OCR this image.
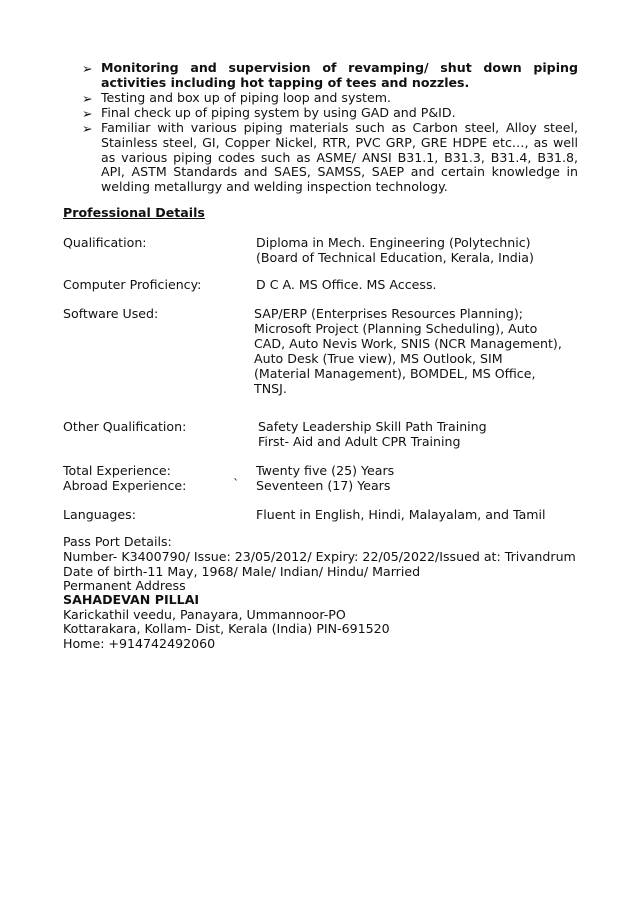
➢ Monitoring and supervision of revamping/ shut down piping activities including hot tapping of tees and nozzles.
➢ Testing and box up of piping loop and system.
➢ Final check up of piping system by using GAD and P&ID.
➢ Familiar with various piping materials such as Carbon steel, Alloy steel, Stainless steel, GI, Copper Nickel, RTR, PVC GRP, GRE HDPE etc…, as well as various piping codes such as ASME/ ANSI B31.1, B31.3, B31.4, B31.8, API, ASTM Standards and SAES, SAMSS, SAEP and certain knowledge in welding metallurgy and welding inspection technology.
Professional Details
Qualification:	Diploma in Mech. Engineering (Polytechnic)
(Board of Technical Education, Kerala, India)
Computer Proficiency:	D C A. MS Office. MS Access.
Software Used:	SAP/ERP (Enterprises Resources Planning);
Microsoft Project (Planning Scheduling), Auto
CAD, Auto Nevis Work, SNIS (NCR Management),
Auto Desk (True view), MS Outlook, SIM
(Material Management), BOMDEL, MS Office,
TNSJ.
Other Qualification:	Safety Leadership Skill Path Training
First- Aid and Adult CPR Training
Total Experience:	Twenty five (25) Years
Abroad Experience:	` Seventeen (17) Years
Languages:	Fluent in English, Hindi, Malayalam, and Tamil
Pass Port Details:
Number- K3400790/ Issue: 23/05/2012/ Expiry: 22/05/2022/Issued at: Trivandrum
Date of birth-11 May, 1968/ Male/ Indian/ Hindu/ Married
Permanent Address
SAHADEVAN PILLAI
Karickathil veedu, Panayara, Ummannoor-PO
Kottarakara, Kollam- Dist, Kerala (India) PIN-691520
Home: +914742492060
